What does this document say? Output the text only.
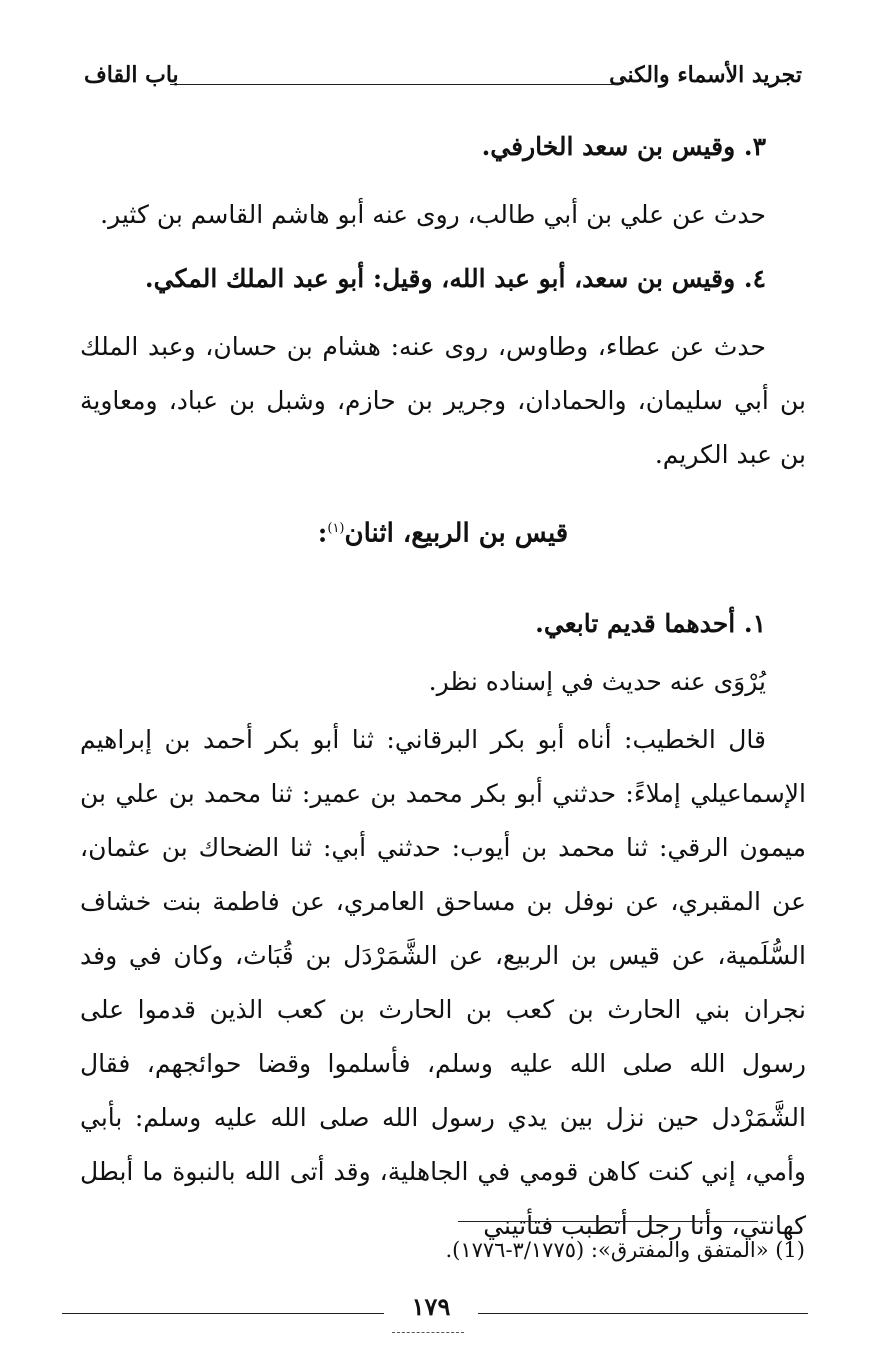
تجريد الأسماء والكنى
باب القاف

٣. وقيس بن سعد الخارفي.

حدث عن علي بن أبي طالب، روى عنه أبو هاشم القاسم بن كثير.

٤. وقيس بن سعد، أبو عبد الله، وقيل: أبو عبد الملك المكي.

حدث عن عطاء، وطاوس، روى عنه: هشام بن حسان، وعبد الملك بن أبي سليمان، والحمادان، وجرير بن حازم، وشبل بن عباد، ومعاوية بن عبد الكريم.

قيس بن الربيع، اثنان$^{(١)}$:

١. أحدهما قديم تابعي.

يُرْوَى عنه حديث في إسناده نظر.

قال الخطيب: أناه أبو بكر البرقاني: ثنا أبو بكر أحمد بن إبراهيم الإسماعيلي إملاءً: حدثني أبو بكر محمد بن عمير: ثنا محمد بن علي بن ميمون الرقي: ثنا محمد بن أيوب: حدثني أبي: ثنا الضحاك بن عثمان، عن المقبري، عن نوفل بن مساحق العامري، عن فاطمة بنت خشاف السُّلَمية، عن قيس بن الربيع، عن الشَّمَرْدَل بن قُبَاث، وكان في وفد نجران بني الحارث بن كعب بن الحارث بن كعب الذين قدموا على رسول الله صلى الله عليه وسلم، فأسلموا وقضا حوائجهم، فقال الشَّمَرْدل حين نزل بين يدي رسول الله صلى الله عليه وسلم: بأبي وأمي، إني كنت كاهن قومي في الجاهلية، وقد أتى الله بالنبوة ما أبطل كهانتي، وأنا رجل أتطبب فتأتيني

(1) «المتفق والمفترق»: (٣/١٧٧٥-١٧٧٦).
١٧٩
